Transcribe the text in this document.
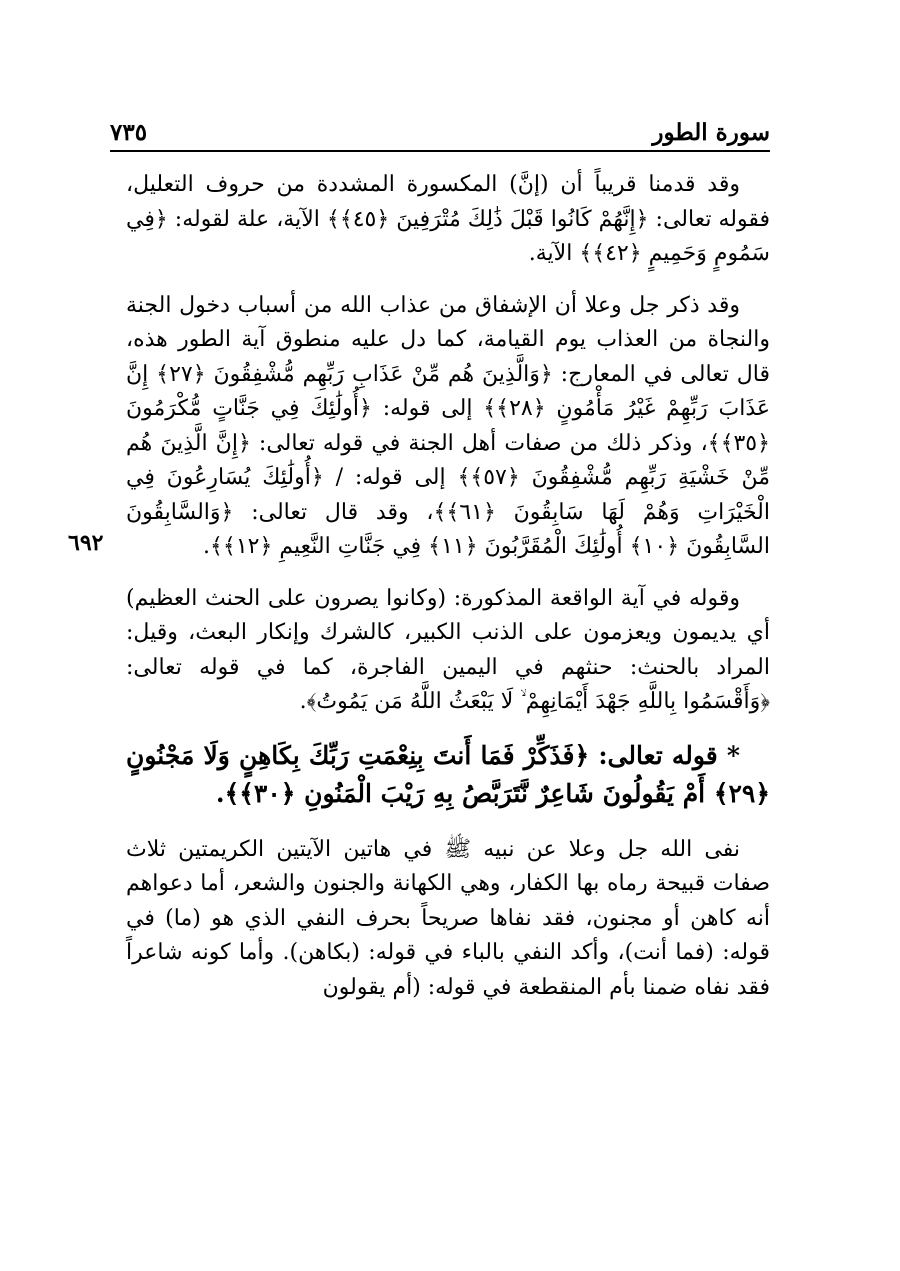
سورة الطور
٧٣٥
٦٩٢

وقد قدمنا قريباً أن (إنَّ) المكسورة المشددة من حروف التعليل، فقوله تعالى: ﴿إِنَّهُمْ كَانُوا قَبْلَ ذَٰلِكَ مُتْرَفِينَ ﴿٤٥﴾﴾ الآية، علة لقوله: ﴿فِي سَمُومٍ وَحَمِيمٍ ﴿٤٢﴾﴾ الآية.

وقد ذكر جل وعلا أن الإشفاق من عذاب الله من أسباب دخول الجنة والنجاة من العذاب يوم القيامة، كما دل عليه منطوق آية الطور هذه، قال تعالى في المعارج: ﴿وَالَّذِينَ هُم مِّنْ عَذَابِ رَبِّهِم مُّشْفِقُونَ ﴿٢٧﴾ إِنَّ عَذَابَ رَبِّهِمْ غَيْرُ مَأْمُونٍ ﴿٢٨﴾﴾ إلى قوله: ﴿أُولَٰئِكَ فِي جَنَّاتٍ مُّكْرَمُونَ ﴿٣٥﴾﴾، وذكر ذلك من صفات أهل الجنة في قوله تعالى: ﴿إِنَّ الَّذِينَ هُم مِّنْ خَشْيَةِ رَبِّهِم مُّشْفِقُونَ ﴿٥٧﴾﴾ إلى قوله: / ﴿أُولَٰئِكَ يُسَارِعُونَ فِي الْخَيْرَاتِ وَهُمْ لَهَا سَابِقُونَ ﴿٦١﴾﴾، وقد قال تعالى: ﴿وَالسَّابِقُونَ السَّابِقُونَ ﴿١٠﴾ أُولَٰئِكَ الْمُقَرَّبُونَ ﴿١١﴾ فِي جَنَّاتِ النَّعِيمِ ﴿١٢﴾﴾.

وقوله في آية الواقعة المذكورة: (وكانوا يصرون على الحنث العظيم) أي يديمون ويعزمون على الذنب الكبير، كالشرك وإنكار البعث، وقيل: المراد بالحنث: حنثهم في اليمين الفاجرة، كما في قوله تعالى: ﴿وَأَقْسَمُوا بِاللَّهِ جَهْدَ أَيْمَانِهِمْ ۙ لَا يَبْعَثُ اللَّهُ مَن يَمُوتُ﴾.

* قوله تعالى: ﴿فَذَكِّرْ فَمَا أَنتَ بِنِعْمَتِ رَبِّكَ بِكَاهِنٍ وَلَا مَجْنُونٍ ﴿٢٩﴾ أَمْ يَقُولُونَ شَاعِرٌ نَّتَرَبَّصُ بِهِ رَيْبَ الْمَنُونِ ﴿٣٠﴾﴾.

نفى الله جل وعلا عن نبيه ﷺ في هاتين الآيتين الكريمتين ثلاث صفات قبيحة رماه بها الكفار، وهي الكهانة والجنون والشعر، أما دعواهم أنه كاهن أو مجنون، فقد نفاها صريحاً بحرف النفي الذي هو (ما) في قوله: (فما أنت)، وأكد النفي بالباء في قوله: (بكاهن). وأما كونه شاعراً فقد نفاه ضمنا بأم المنقطعة في قوله: (أم يقولون
